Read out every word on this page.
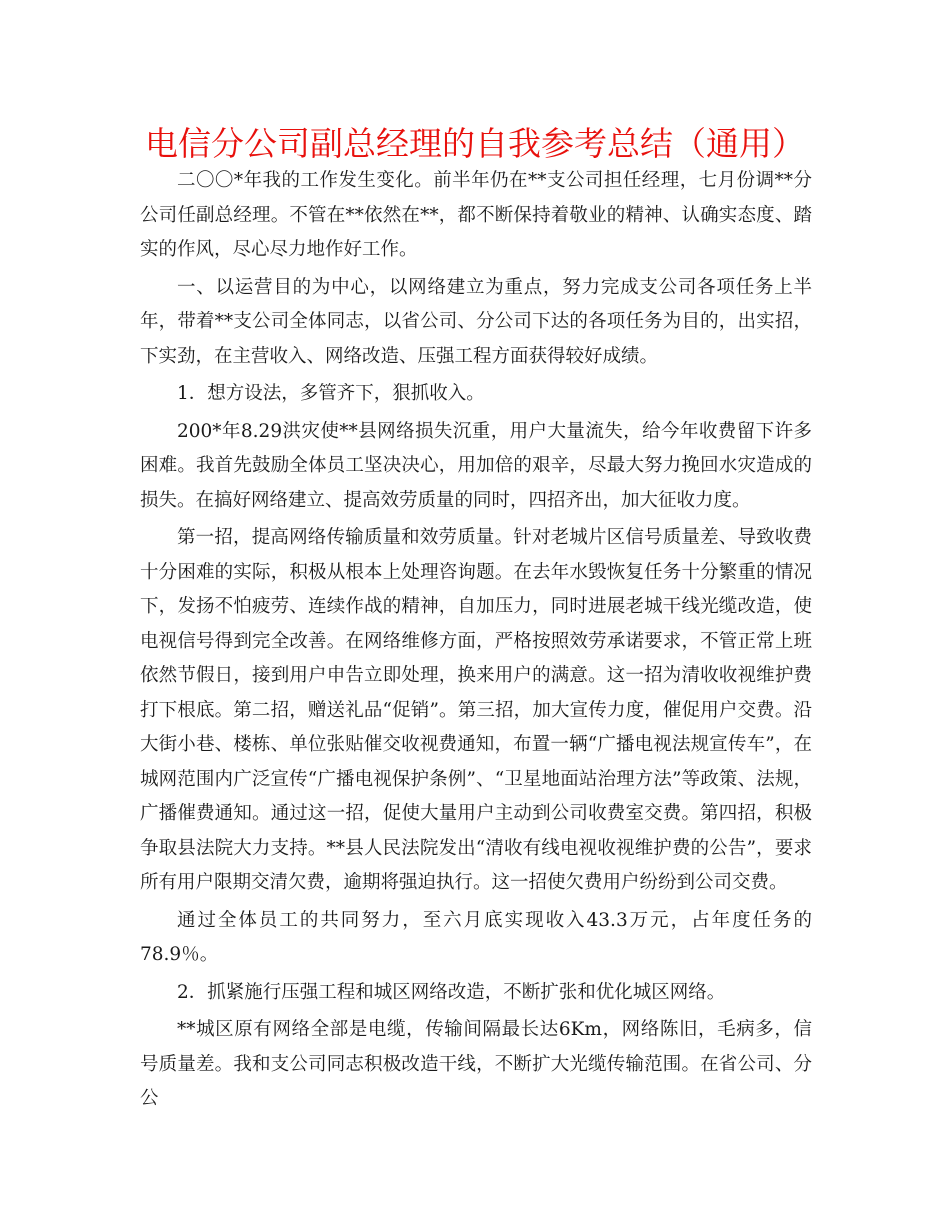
电信分公司副总经理的自我参考总结（通用）

二〇〇*年我的工作发生变化。前半年仍在**支公司担任经理，七月份调**分公司任副总经理。不管在**依然在**，都不断保持着敬业的精神、认确实态度、踏实的作风，尽心尽力地作好工作。

一、以运营目的为中心，以网络建立为重点，努力完成支公司各项任务上半年，带着**支公司全体同志，以省公司、分公司下达的各项任务为目的，出实招，下实劲，在主营收入、网络改造、压强工程方面获得较好成绩。

1．想方设法，多管齐下，狠抓收入。

200*年8.29洪灾使**县网络损失沉重，用户大量流失，给今年收费留下许多困难。我首先鼓励全体员工坚决决心，用加倍的艰辛，尽最大努力挽回水灾造成的损失。在搞好网络建立、提高效劳质量的同时，四招齐出，加大征收力度。

第一招，提高网络传输质量和效劳质量。针对老城片区信号质量差、导致收费十分困难的实际，积极从根本上处理咨询题。在去年水毁恢复任务十分繁重的情况下，发扬不怕疲劳、连续作战的精神，自加压力，同时进展老城干线光缆改造，使电视信号得到完全改善。在网络维修方面，严格按照效劳承诺要求，不管正常上班依然节假日，接到用户申告立即处理，换来用户的满意。这一招为清收收视维护费打下根底。第二招，赠送礼品“促销”。第三招，加大宣传力度，催促用户交费。沿大街小巷、楼栋、单位张贴催交收视费通知，布置一辆“广播电视法规宣传车”，在城网范围内广泛宣传“广播电视保护条例”、“卫星地面站治理方法”等政策、法规，广播催费通知。通过这一招，促使大量用户主动到公司收费室交费。第四招，积极争取县法院大力支持。**县人民法院发出“清收有线电视收视维护费的公告”，要求所有用户限期交清欠费，逾期将强迫执行。这一招使欠费用户纷纷到公司交费。

通过全体员工的共同努力，至六月底实现收入43.3万元，占年度任务的78.9％。

2．抓紧施行压强工程和城区网络改造，不断扩张和优化城区网络。

**城区原有网络全部是电缆，传输间隔最长达6Km，网络陈旧，毛病多，信号质量差。我和支公司同志积极改造干线，不断扩大光缆传输范围。在省公司、分公
